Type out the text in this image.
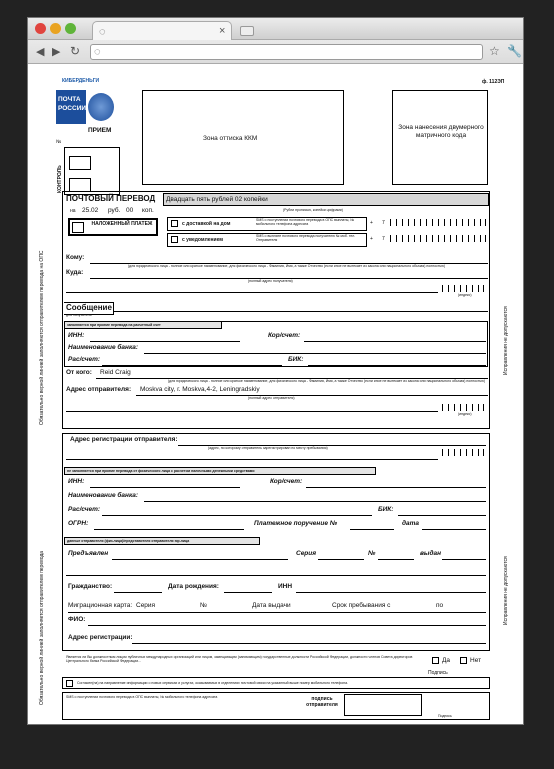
◌	×
◀ ▶ ↻ ◌	☆ 🔧
КИБЕРДЕНЬГИ	ф. 112ЭП
ПОЧТА
РОССИИ
ПРИЕМ
Зона оттиска ККМ
Зона нанесения двумерного матричного кода
№
КОНТРОЛЬ
Обязательно верной линией заполняются отправителем перевода на ОПС
Обязательно верной линией заполняется отправителем перевода
Исправления не допускаются
Исправления не допускаются
ПОЧТОВЫЙ ПЕРЕВОД Двадцать пять рублей 02 копейки
(Рубли прописью, копейки цифрами)
на 25.02 руб. 00 коп.
НАЛОЖЕННЫЙ ПЛАТЕЖ	с доставкой на дом
SMS о поступлении почтового перевода в ОПС выплаты, № мобильного телефона адресата
с уведомлением
SMS о выплате почтового перевода получателю № моб. тел. Отправителя
+ 7
+ 7
Кому:
(для юридического лица - полное или краткое наименование, для физического лица - Фамилия, Имя, а также Отчество (если иное не вытекает из закона или национального обычая) полностью)
Куда:
(полный адрес получателя)
(индекс)
Сообщение
для получателя
заполняется при приеме перевода на расчетный счет
ИНН:	Кор/счет:
Наименование банка:
Рас/счет:	БИК:
От кого: Reid Craig
(для юридического лица - полное или краткое наименование, для физического лица - Фамилия, Имя, а также Отчество (если иное не вытекает из закона или национального обычая) полностью)
Адрес отправителя: Moskva city, г. Moskva,4-2, Leningradskiy
(полный адрес отправителя)
(индекс)
Адрес регистрации отправителя:
(адрес, по которому отправитель зарегистрирован по месту пребывания)
не заполняется при приеме перевода от физического лица с расчетом наличными денежными средствами
ИНН:	Кор/счет:
Наименование банка:
Рас/счет:	БИК:
ОГРН:	Платежное поручение №	дата
данные отправителя (физ.лица)/представителя отправителя юр.лица
Предъявлен	Серия	№	выдан
Гражданство:	Дата рождения:	ИНН
Миграционная карта: Серия	№	Дата выдачи	Срок пребывания с	по
ФИО:
Адрес регистрации:
Является ли Вы должностным лицом публичных международных организаций или лицом, замещающим (занимающим) государственные должности Российской Федерации, должности членов Совета директоров Центрального банка Российской Федерации...	Да	Нет
Подпись
Согласен(на) на направление информации о новых сервисах и услугах, оказываемых в отделениях почтовой связи на указанный выше номер мобильного телефона.
SMS о поступлении почтового перевода в ОПС выплаты, № мобильного телефона адресата	подпись отправителя
Подпись
